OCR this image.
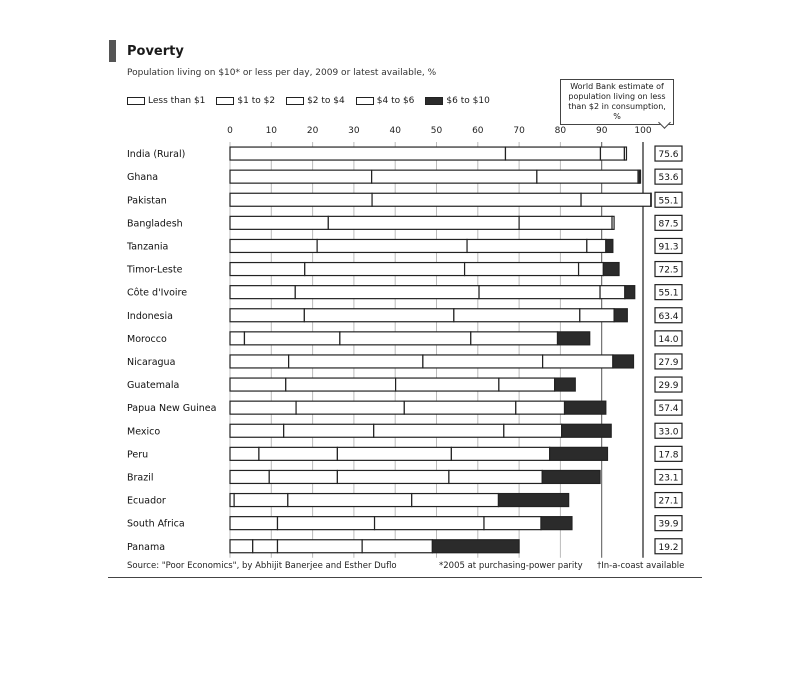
Poverty
Population living on $10* or less per day, 2009 or latest available, %
Less than $1	$1 to $2	$2 to $4	$4 to $6	$6 to $10
World Bank estimate of population living on less than $2 in consumption, %
0	10	20	30	40	50	60	70	80	90	100
India (Rural)	75.6
Ghana	53.6
Pakistan	55.1
Bangladesh	87.5
Tanzania	91.3
Timor-Leste	72.5
Côte d'Ivoire	55.1
Indonesia	63.4
Morocco	14.0
Nicaragua	27.9
Guatemala	29.9
Papua New Guinea	57.4
Mexico	33.0
Peru	17.8
Brazil	23.1
Ecuador	27.1
South Africa	39.9
Panama	19.2
Source: "Poor Economics", by Abhijit Banerjee and Esther Duflo	*2005 at purchasing-power parity †In-a-coast available
